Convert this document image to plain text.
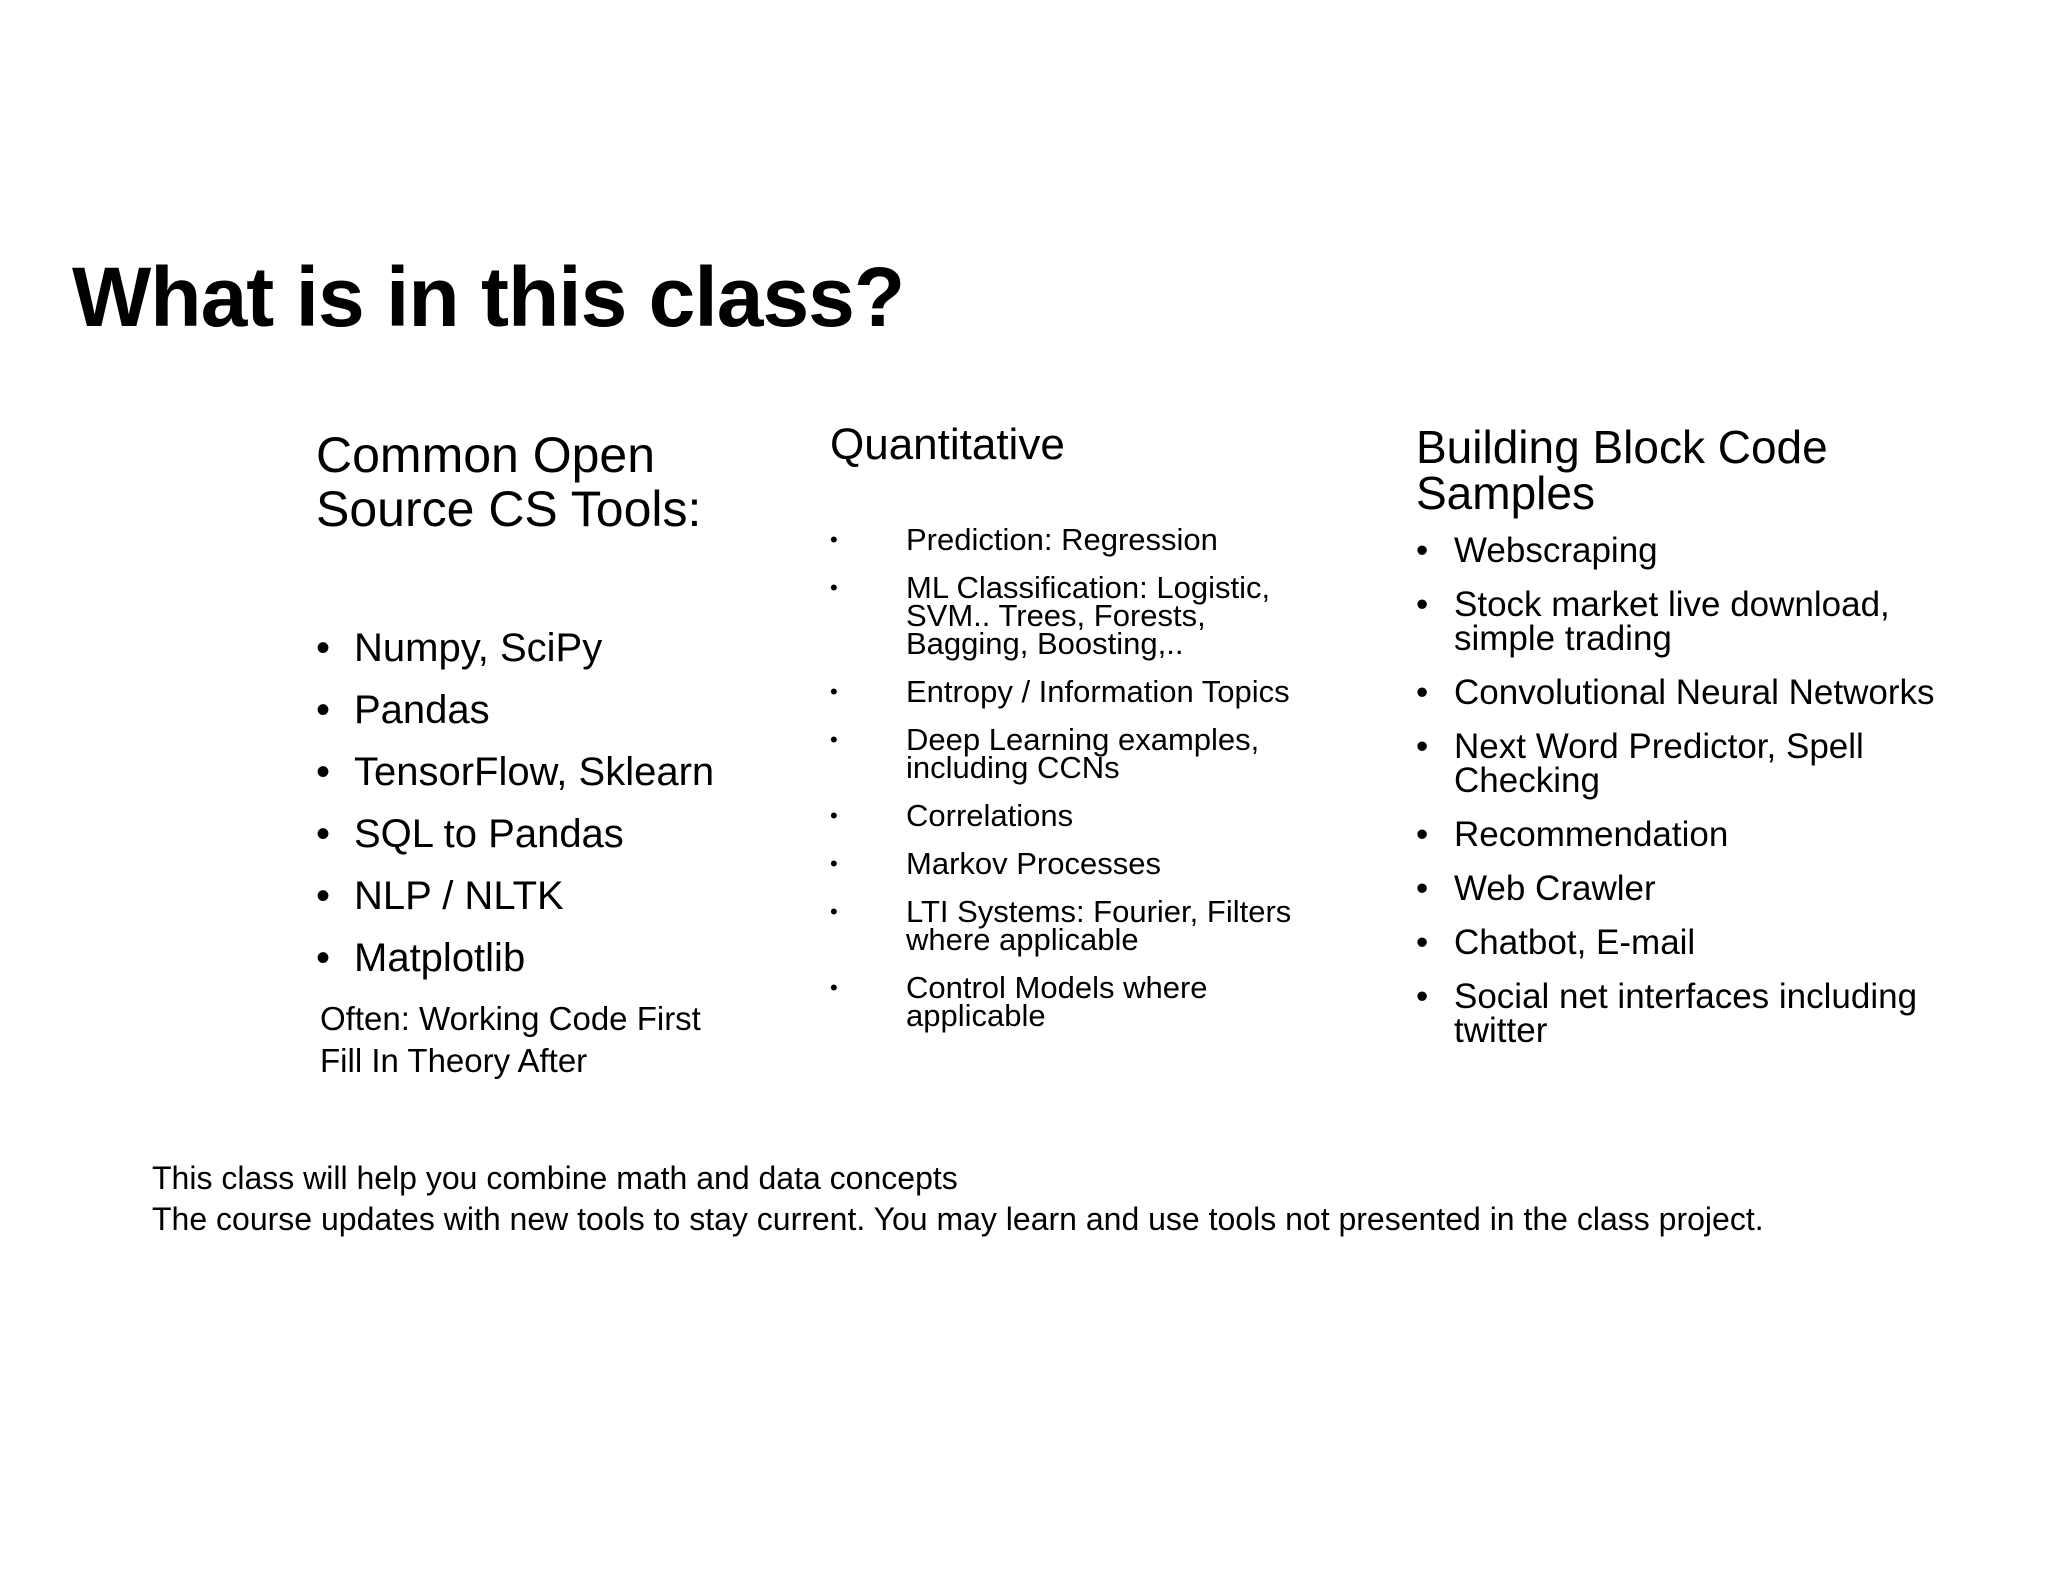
What is in this class?
Common Open
Source CS Tools:
• Numpy, SciPy
• Pandas
• TensorFlow, Sklearn
• SQL to Pandas
• NLP / NLTK
• Matplotlib
Often: Working Code First
Fill In Theory After
Quantitative
• Prediction: Regression
• ML Classification: Logistic, SVM.. Trees, Forests, Bagging, Boosting,..
• Entropy / Information Topics
• Deep Learning examples, including CCNs
• Correlations
• Markov Processes
• LTI Systems: Fourier, Filters where applicable
• Control Models where applicable
Building Block Code Samples
• Webscraping
• Stock market live download, simple trading
• Convolutional Neural Networks
• Next Word Predictor, Spell Checking
• Recommendation
• Web Crawler
• Chatbot, E-mail
• Social net interfaces including twitter

This class will help you combine math and data concepts

The course updates with new tools to stay current. You may learn and use tools not presented in the class project.
